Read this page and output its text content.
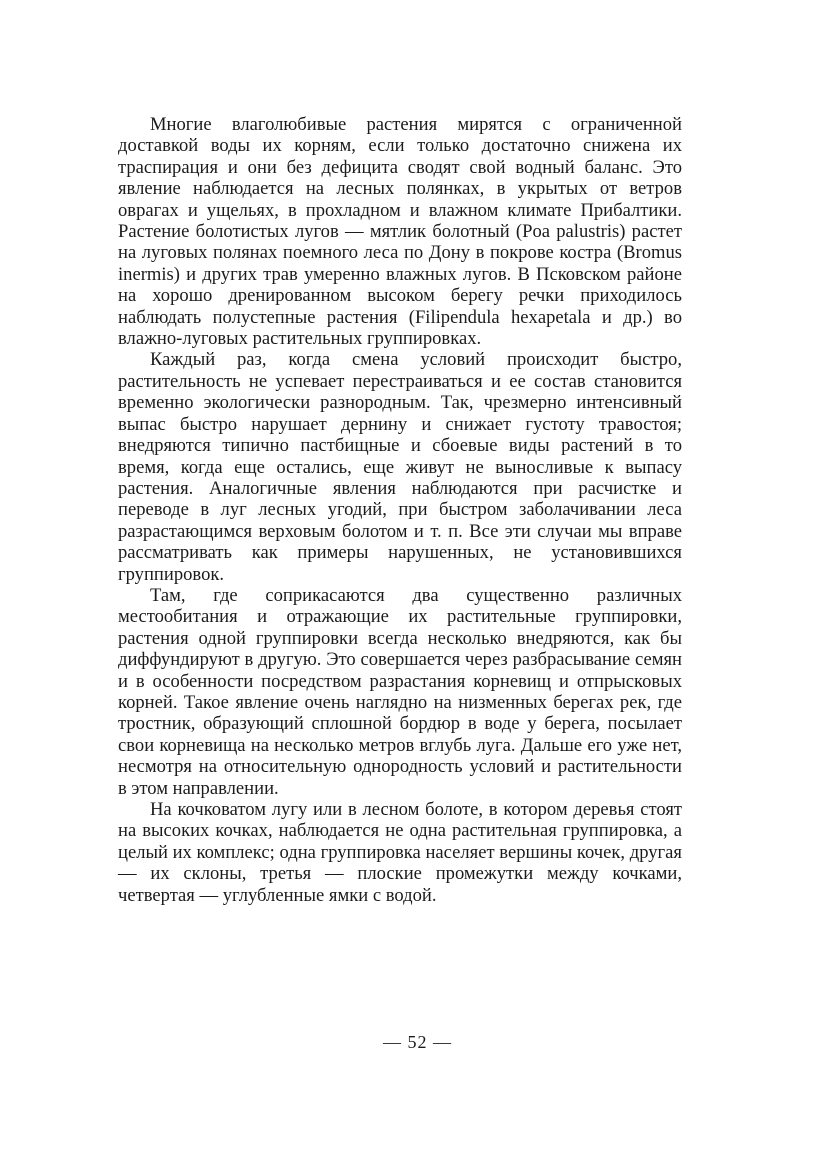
Многие влаголюбивые растения мирятся с ограниченной доставкой воды их корням, если только достаточно снижена их траспирация и они без дефицита сводят свой водный баланс. Это явление наблюдается на лесных полянках, в укрытых от ветров оврагах и ущельях, в прохладном и влажном климате Прибалтики. Растение болотистых лугов — мятлик болотный (Poa palustris) растет на луговых полянах поемного леса по Дону в покрове костра (Bromus inermis) и других трав умеренно влажных лугов. В Псковском районе на хорошо дренированном высоком берегу речки приходилось наблюдать полустепные растения (Filipendula hexapetala и др.) во влажно-луговых растительных группировках.

Каждый раз, когда смена условий происходит быстро, растительность не успевает перестраиваться и ее состав становится временно экологически разнородным. Так, чрезмерно интенсивный выпас быстро нарушает дернину и снижает густоту травостоя; внедряются типично пастбищные и сбоевые виды растений в то время, когда еще остались, еще живут не выносливые к выпасу растения. Аналогичные явления наблюдаются при расчистке и переводе в луг лесных угодий, при быстром заболачивании леса разрастающимся верховым болотом и т. п. Все эти случаи мы вправе рассматривать как примеры нарушенных, не установившихся группировок.

Там, где соприкасаются два существенно различных местообитания и отражающие их растительные группировки, растения одной группировки всегда несколько внедряются, как бы диффундируют в другую. Это совершается через разбрасывание семян и в особенности посредством разрастания корневищ и отпрысковых корней. Такое явление очень наглядно на низменных берегах рек, где тростник, образующий сплошной бордюр в воде у берега, посылает свои корневища на несколько метров вглубь луга. Дальше его уже нет, несмотря на относительную однородность условий и растительности в этом направлении.

На кочковатом лугу или в лесном болоте, в котором деревья стоят на высоких кочках, наблюдается не одна растительная группировка, а целый их комплекс; одна группировка населяет вершины кочек, другая — их склоны, третья — плоские промежутки между кочками, четвертая — углубленные ямки с водой.

— 52 —
